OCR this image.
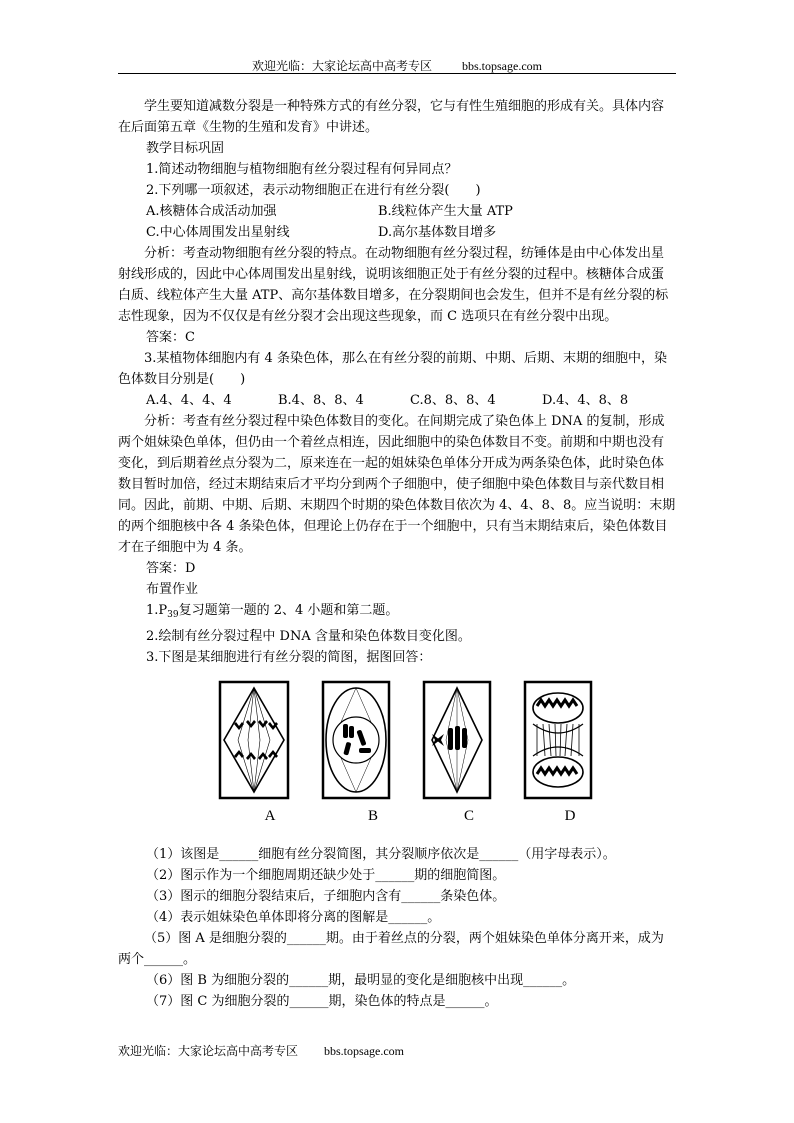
欢迎光临：大家论坛高中高考专区	bbs.topsage.com

学生要知道减数分裂是一种特殊方式的有丝分裂，它与有性生殖细胞的形成有关。具体内容在后面第五章《生物的生殖和发育》中讲述。

教学目标巩固

1.简述动物细胞与植物细胞有丝分裂过程有何异同点？

2.下列哪一项叙述，表示动物细胞正在进行有丝分裂(　　)

A.核糖体合成活动加强	B.线粒体产生大量 ATP
C.中心体周围发出星射线	D.高尔基体数目增多

分析：考查动物细胞有丝分裂的特点。在动物细胞有丝分裂过程，纺锤体是由中心体发出星射线形成的，因此中心体周围发出星射线，说明该细胞正处于有丝分裂的过程中。核糖体合成蛋白质、线粒体产生大量 ATP、高尔基体数目增多，在分裂期间也会发生，但并不是有丝分裂的标志性现象，因为不仅仅是有丝分裂才会出现这些现象，而 C 选项只在有丝分裂中出现。

答案：C

3.某植物体细胞内有 4 条染色体，那么在有丝分裂的前期、中期、后期、末期的细胞中，染色体数目分别是(　　)

A.4、4、4、4	B.4、8、8、4	C.8、8、8、4	D.4、4、8、8

分析：考查有丝分裂过程中染色体数目的变化。在间期完成了染色体上 DNA 的复制，形成两个姐妹染色单体，但仍由一个着丝点相连，因此细胞中的染色体数目不变。前期和中期也没有变化，到后期着丝点分裂为二，原来连在一起的姐妹染色单体分开成为两条染色体，此时染色体数目暂时加倍，经过末期结束后才平均分到两个子细胞中，使子细胞中染色体数目与亲代数目相同。因此，前期、中期、后期、末期四个时期的染色体数目依次为 4、4、8、8。应当说明：末期的两个细胞核中各 4 条染色体，但理论上仍存在于一个细胞中，只有当末期结束后，染色体数目才在子细胞中为 4 条。

答案：D

布置作业

$1.P_{39}$复习题第一题的 2、4 小题和第二题。

2.绘制有丝分裂过程中 DNA 含量和染色体数目变化图。

3.下图是某细胞进行有丝分裂的简图，据图回答：

A	B	C	D

（1）该图是______细胞有丝分裂简图，其分裂顺序依次是______（用字母表示）。

（2）图示作为一个细胞周期还缺少处于______期的细胞简图。

（3）图示的细胞分裂结束后，子细胞内含有______条染色体。

（4）表示姐妹染色单体即将分离的图解是______。

（5）图 A 是细胞分裂的______期。由于着丝点的分裂，两个姐妹染色单体分离开来，成为两个______。

（6）图 B 为细胞分裂的______期，最明显的变化是细胞核中出现______。

（7）图 C 为细胞分裂的______期，染色体的特点是______。

欢迎光临：大家论坛高中高考专区 bbs.topsage.com
